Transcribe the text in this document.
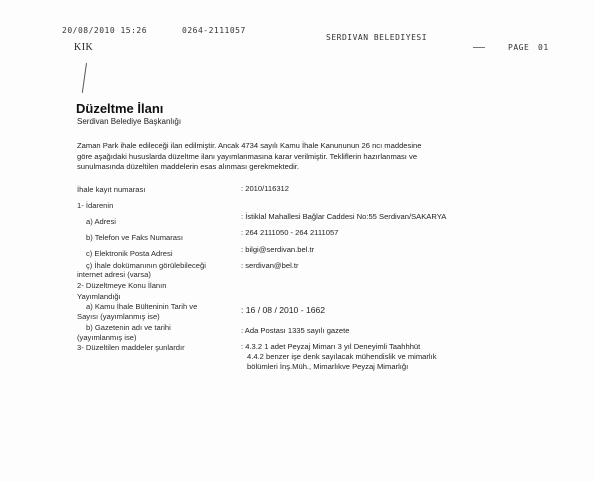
20/08/2010 15:26	0264-2111057
SERDIVAN BELEDIYESI
PAGE 01
KIK
Düzeltme İlanı
Serdivan Belediye Başkanlığı

Zaman Park ihale edileceği ilan edilmiştir. Ancak 4734 sayılı Kamu İhale Kanununun 26 ncı maddesine

göre aşağıdaki hususlarda düzeltme ilanı yayımlanmasına karar verilmiştir. Tekliflerin hazırlanması ve

sunulmasında düzeltilen maddelerin esas alınması gerekmektedir.

İhale kayıt numarası	: 2010/116312
1- İdarenin
a) Adresi
: İstiklal Mahallesi Bağlar Caddesi No:55 Serdivan/SAKARYA
b) Telefon ve Faks Numarası
: 264 2111050 - 264 2111057
c) Elektronik Posta Adresi	: bilgi@serdivan.bel.tr
ç) İhale dokümanının görülebileceği
internet adresi (varsa)
: serdivan@bel.tr
2- Düzeltmeye Konu İlanın
Yayımlandığı
a) Kamu İhale Bülteninin Tarih ve
Sayısı (yayımlanmış ise)
: 16 / 08 / 2010 - 1662
b) Gazetenin adı ve tarihi
(yayımlanmış ise)
: Ada Postası 1335 sayılı gazete
3- Düzeltilen maddeler şunlardır	: 4.3.2 1 adet Peyzaj Mimarı 3 yıl Deneyimli Taahhhüt
4.4.2 benzer işe denk sayılacak mühendislik ve mimarlık
bölümleri İnş.Müh., Mimarlıkve Peyzaj Mimarlığı
